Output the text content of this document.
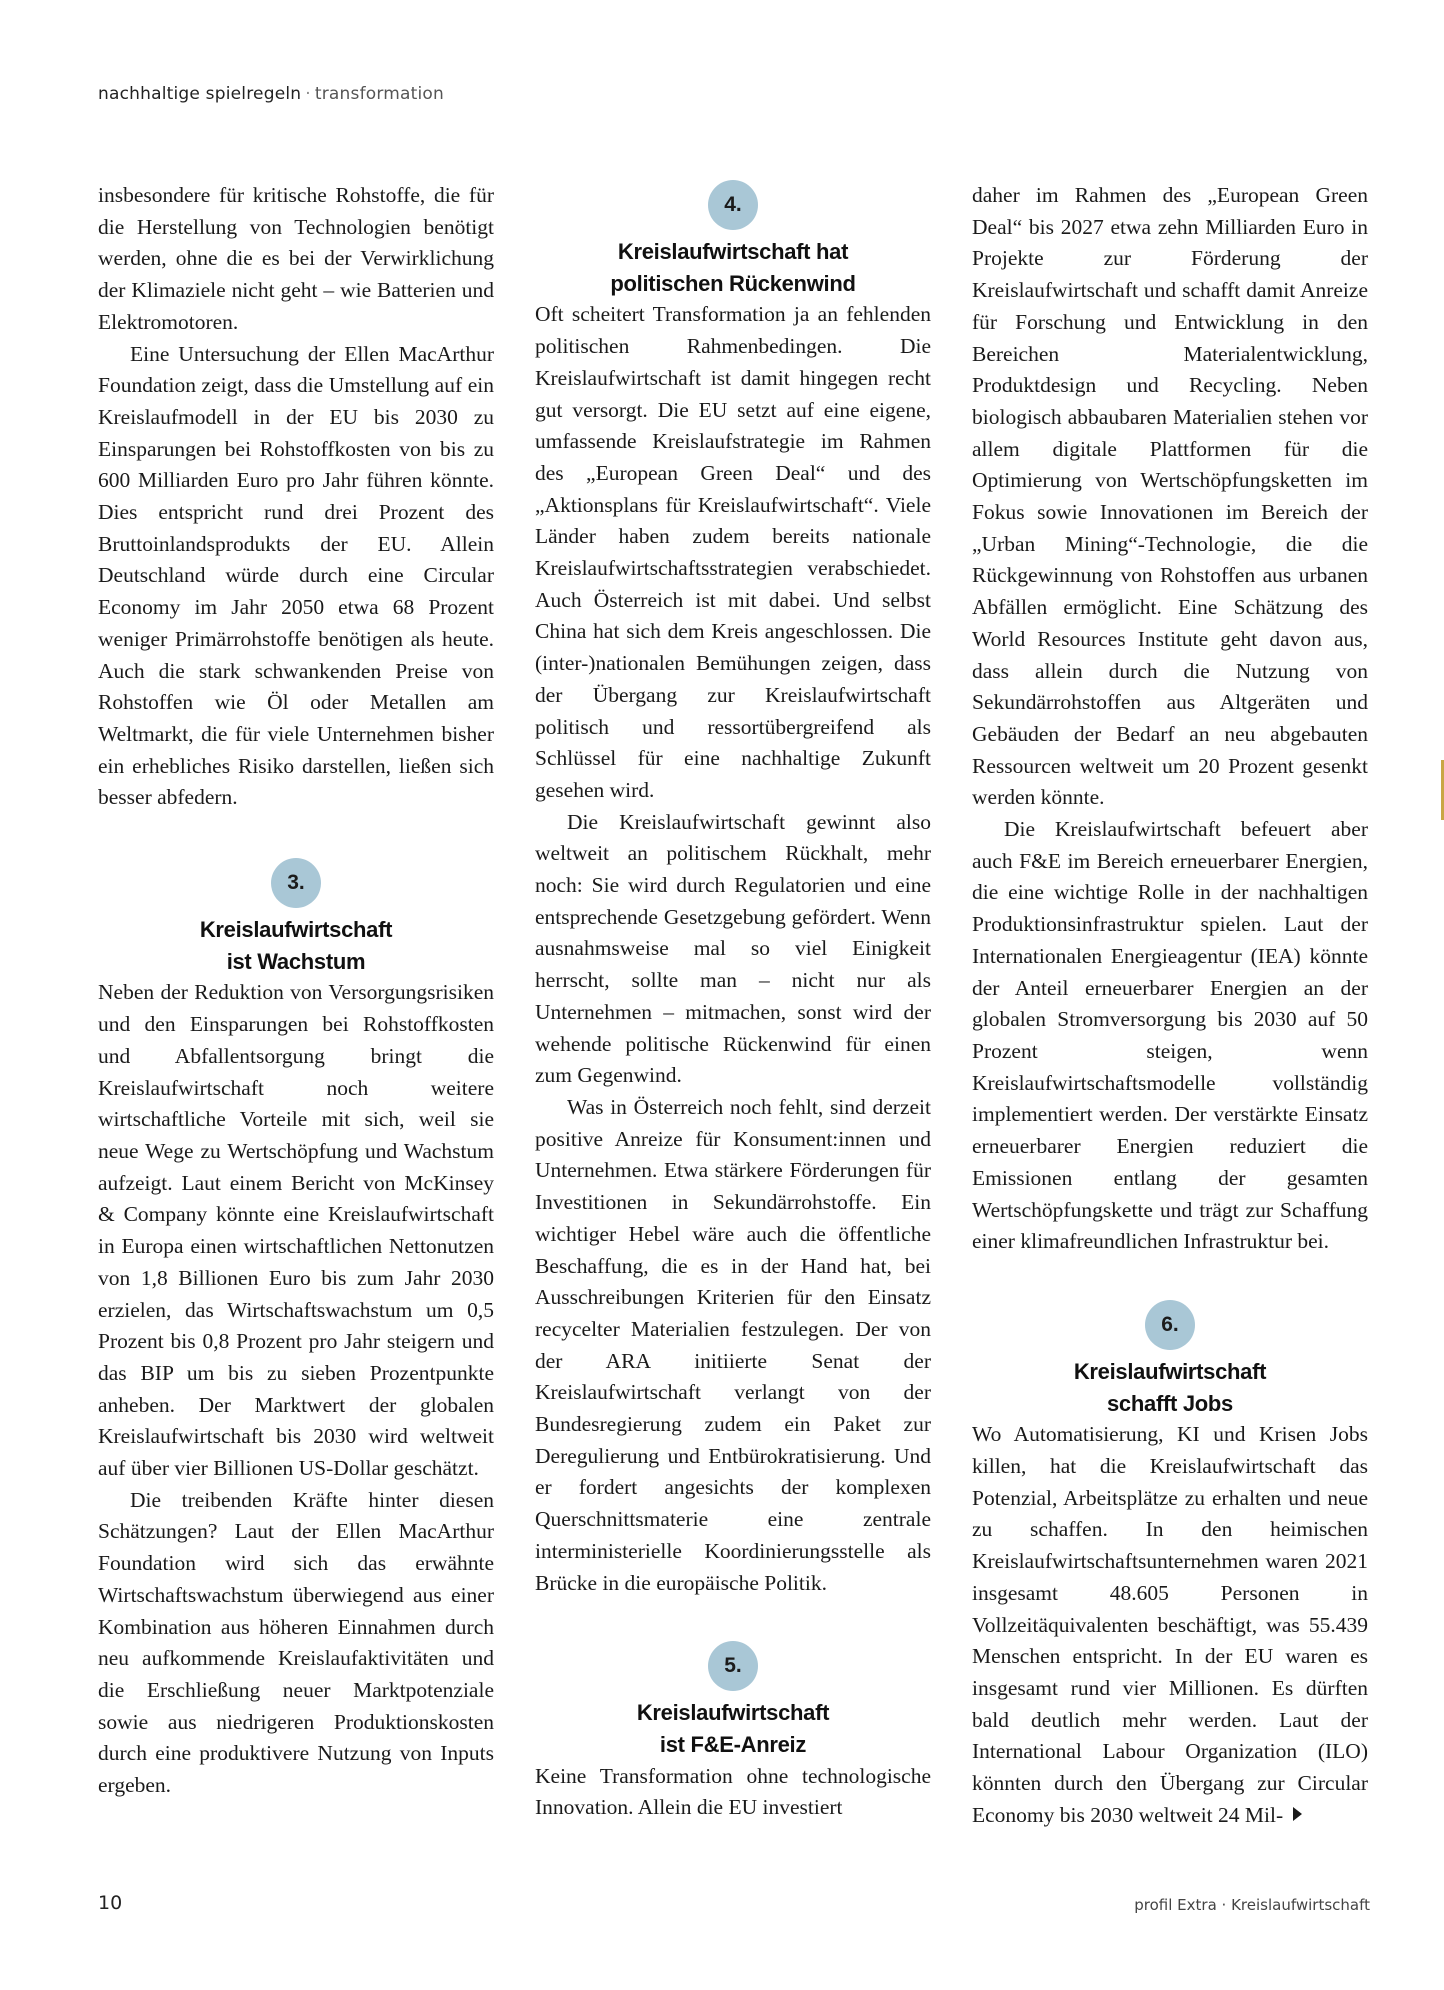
nachhaltige spielregeln · transformation

insbesondere für kritische Rohstoffe, die für die Herstellung von Technologien benötigt werden, ohne die es bei der Verwirklichung der Klimaziele nicht geht – wie Batterien und Elektromotoren.

Eine Untersuchung der Ellen MacArthur Foundation zeigt, dass die Umstellung auf ein Kreislaufmodell in der EU bis 2030 zu Einsparungen bei Rohstoffkosten von bis zu 600 Milliarden Euro pro Jahr führen könnte. Dies entspricht rund drei Prozent des Bruttoinlandsprodukts der EU. Allein Deutschland würde durch eine Circular Economy im Jahr 2050 etwa 68 Prozent weniger Primärrohstoffe benötigen als heute. Auch die stark schwankenden Preise von Rohstoffen wie Öl oder Metallen am Weltmarkt, die für viele Unternehmen bisher ein erhebliches Risiko darstellen, ließen sich besser abfedern.

3.
Kreislaufwirtschaft
ist Wachstum

Neben der Reduktion von Versorgungsrisiken und den Einsparungen bei Rohstoffkosten und Abfallentsorgung bringt die Kreislaufwirtschaft noch weitere wirtschaftliche Vorteile mit sich, weil sie neue Wege zu Wertschöpfung und Wachstum aufzeigt. Laut einem Bericht von McKinsey & Company könnte eine Kreislaufwirtschaft in Europa einen wirtschaftlichen Nettonutzen von 1,8 Billionen Euro bis zum Jahr 2030 erzielen, das Wirtschaftswachstum um 0,5 Prozent bis 0,8 Prozent pro Jahr steigern und das BIP um bis zu sieben Prozentpunkte anheben. Der Marktwert der globalen Kreislaufwirtschaft bis 2030 wird weltweit auf über vier Billionen US-Dollar geschätzt.

Die treibenden Kräfte hinter diesen Schätzungen? Laut der Ellen MacArthur Foundation wird sich das erwähnte Wirtschaftswachstum überwiegend aus einer Kombination aus höheren Einnahmen durch neu aufkommende Kreislaufaktivitäten und die Erschließung neuer Marktpotenziale sowie aus niedrigeren Produktionskosten durch eine produktivere Nutzung von Inputs ergeben.

4.
Kreislaufwirtschaft hat
politischen Rückenwind

Oft scheitert Transformation ja an fehlenden politischen Rahmenbedingen. Die Kreislaufwirtschaft ist damit hingegen recht gut versorgt. Die EU setzt auf eine eigene, umfassende Kreislaufstrategie im Rahmen des „European Green Deal“ und des „Aktionsplans für Kreislaufwirtschaft“. Viele Länder haben zudem bereits nationale Kreislaufwirtschaftsstrategien verabschiedet. Auch Österreich ist mit dabei. Und selbst China hat sich dem Kreis angeschlossen. Die (inter-)nationalen Bemühungen zeigen, dass der Übergang zur Kreislaufwirtschaft politisch und ressortübergreifend als Schlüssel für eine nachhaltige Zukunft gesehen wird.

Die Kreislaufwirtschaft gewinnt also weltweit an politischem Rückhalt, mehr noch: Sie wird durch Regulatorien und eine entsprechende Gesetzgebung gefördert. Wenn ausnahmsweise mal so viel Einigkeit herrscht, sollte man – nicht nur als Unternehmen – mitmachen, sonst wird der wehende politische Rückenwind für einen zum Gegenwind.

Was in Österreich noch fehlt, sind derzeit positive Anreize für Konsument:innen und Unternehmen. Etwa stärkere Förderungen für Investitionen in Sekundärrohstoffe. Ein wichtiger Hebel wäre auch die öffentliche Beschaffung, die es in der Hand hat, bei Ausschreibungen Kriterien für den Einsatz recycelter Materialien festzulegen. Der von der ARA initiierte Senat der Kreislaufwirtschaft verlangt von der Bundesregierung zudem ein Paket zur Deregulierung und Entbürokratisierung. Und er fordert angesichts der komplexen Querschnittsmaterie eine zentrale interministerielle Koordinierungsstelle als Brücke in die europäische Politik.

5.
Kreislaufwirtschaft
ist F&E-Anreiz

Keine Transformation ohne technologische Innovation. Allein die EU investiert

daher im Rahmen des „European Green Deal“ bis 2027 etwa zehn Milliarden Euro in Projekte zur Förderung der Kreislaufwirtschaft und schafft damit Anreize für Forschung und Entwicklung in den Bereichen Materialentwicklung, Produktdesign und Recycling. Neben biologisch abbaubaren Materialien stehen vor allem digitale Plattformen für die Optimierung von Wertschöpfungsketten im Fokus sowie Innovationen im Bereich der „Urban Mining“-Technologie, die die Rückgewinnung von Rohstoffen aus urbanen Abfällen ermöglicht. Eine Schätzung des World Resources Institute geht davon aus, dass allein durch die Nutzung von Sekundärrohstoffen aus Altgeräten und Gebäuden der Bedarf an neu abgebauten Ressourcen weltweit um 20 Prozent gesenkt werden könnte.

Die Kreislaufwirtschaft befeuert aber auch F&E im Bereich erneuerbarer Energien, die eine wichtige Rolle in der nachhaltigen Produktionsinfrastruktur spielen. Laut der Internationalen Energieagentur (IEA) könnte der Anteil erneuerbarer Energien an der globalen Stromversorgung bis 2030 auf 50 Prozent steigen, wenn Kreislaufwirtschaftsmodelle vollständig implementiert werden. Der verstärkte Einsatz erneuerbarer Energien reduziert die Emissionen entlang der gesamten Wertschöpfungskette und trägt zur Schaffung einer klimafreundlichen Infrastruktur bei.

6.
Kreislaufwirtschaft
schafft Jobs

Wo Automatisierung, KI und Krisen Jobs killen, hat die Kreislaufwirtschaft das Potenzial, Arbeitsplätze zu erhalten und neue zu schaffen. In den heimischen Kreislaufwirtschaftsunternehmen waren 2021 insgesamt 48.605 Personen in Vollzeitäquivalenten beschäftigt, was 55.439 Menschen entspricht. In der EU waren es insgesamt rund vier Millionen. Es dürften bald deutlich mehr werden. Laut der International Labour Organization (ILO) könnten durch den Übergang zur Circular Economy bis 2030 weltweit 24 Mil-

10	profil Extra · Kreislaufwirtschaft
